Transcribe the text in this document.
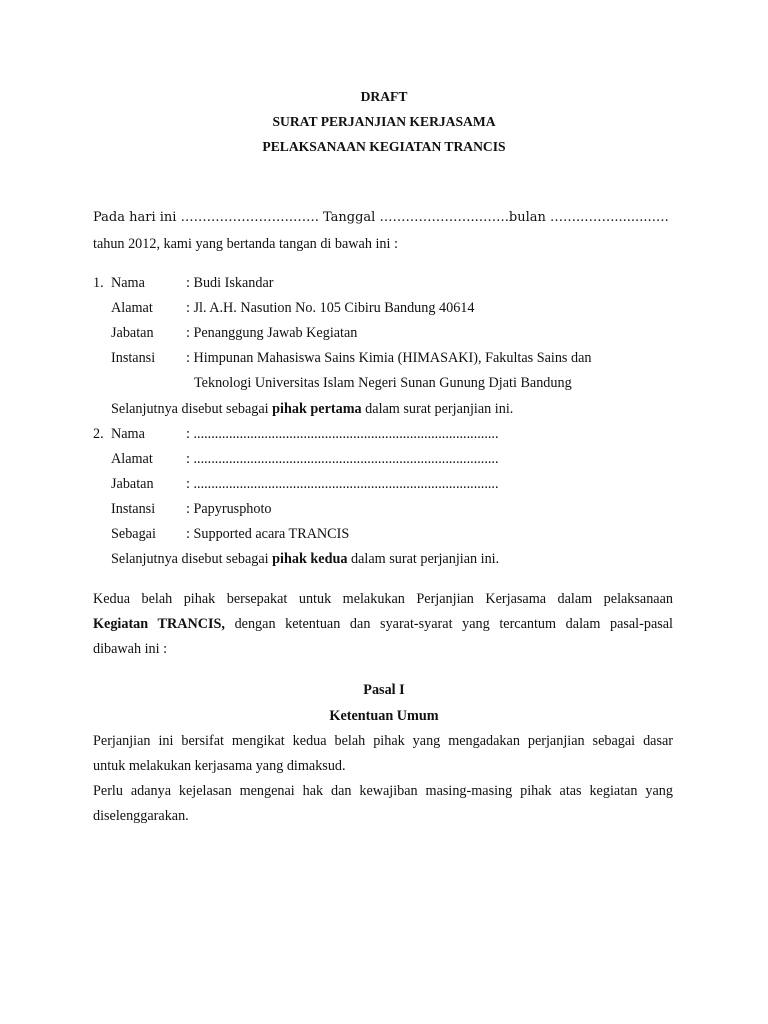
DRAFT
SURAT PERJANJIAN KERJASAMA
PELAKSANAAN KEGIATAN TRANCIS
Pada hari ini …………………….……. Tanggal …………………..…….bulan ……..……..........….
tahun 2012, kami yang bertanda tangan di bawah ini :
1. Nama	: Budi Iskandar
Alamat : Jl. A.H. Nasution No. 105 Cibiru Bandung 40614
Jabatan : Penanggung Jawab Kegiatan
Instansi : Himpunan Mahasiswa Sains Kimia (HIMASAKI), Fakultas Sains dan
Teknologi Universitas Islam Negeri Sunan Gunung Djati Bandung
Selanjutnya disebut sebagai pihak pertama dalam surat perjanjian ini.
2. Nama	: ......................................................................................
Alamat : ......................................................................................
Jabatan : ......................................................................................
Instansi : Papyrusphoto
Sebagai : Supported acara TRANCIS
Selanjutnya disebut sebagai pihak kedua dalam surat perjanjian ini.
Kedua belah pihak bersepakat untuk melakukan Perjanjian Kerjasama dalam pelaksanaan
Kegiatan TRANCIS, dengan ketentuan dan syarat-syarat yang tercantum dalam pasal-pasal
dibawah ini :
Pasal I
Ketentuan Umum
Perjanjian ini bersifat mengikat kedua belah pihak yang mengadakan perjanjian sebagai dasar
untuk melakukan kerjasama yang dimaksud.
Perlu adanya kejelasan mengenai hak dan kewajiban masing-masing pihak atas kegiatan yang
diselenggarakan.
